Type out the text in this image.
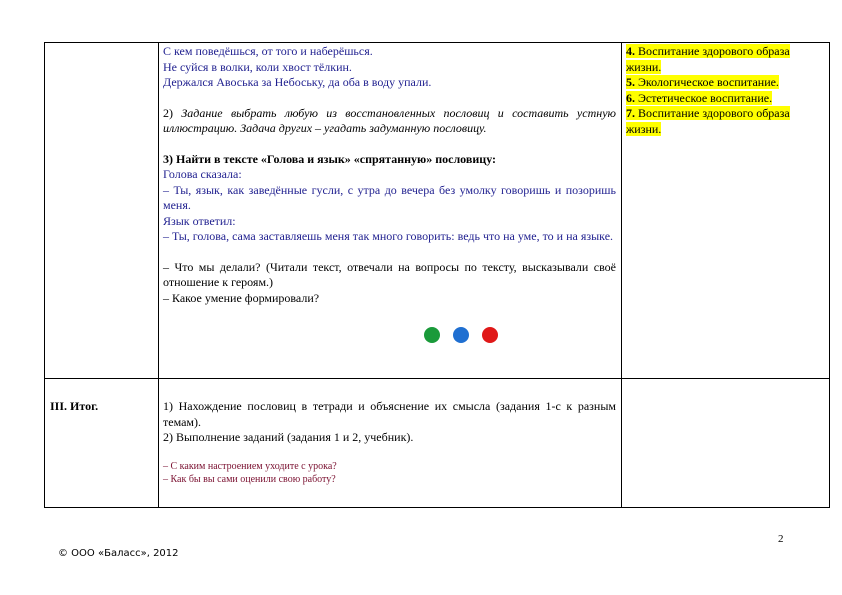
С кем поведёшься, от того и наберёшься.

Не суйся в волки, коли хвост тёлкин.

Держался Авоська за Небоську, да оба в воду упали.

2) Задание выбрать любую из восстановленных пословиц и составить устную иллюстрацию. Задача других – угадать задуманную пословицу.

3) Найти в тексте «Голова и язык» «спрятанную» пословицу:

Голова сказала:

– Ты, язык, как заведённые гусли, с утра до вечера без умолку говоришь и позоришь меня.

Язык ответил:

– Ты, голова, сама заставляешь меня так много говорить: ведь что на уме, то и на языке.

– Что мы делали? (Читали текст, отвечали на вопросы по тексту, высказывали своё отношение к героям.)

– Какое умение формировали?

4. Воспитание здорового образа жизни.

5. Экологическое воспитание.

6. Эстетическое воспитание.

7. Воспитание здорового образа жизни.

III. Итог.	1) Нахождение пословиц в тетради и объяснение их смысла (задания 1-с к разным темам).

2) Выполнение заданий (задания 1 и 2, учебник).

– С каким настроением уходите с урока?

– Как бы вы сами оценили свою работу?

2
© ООО «Баласс», 2012
